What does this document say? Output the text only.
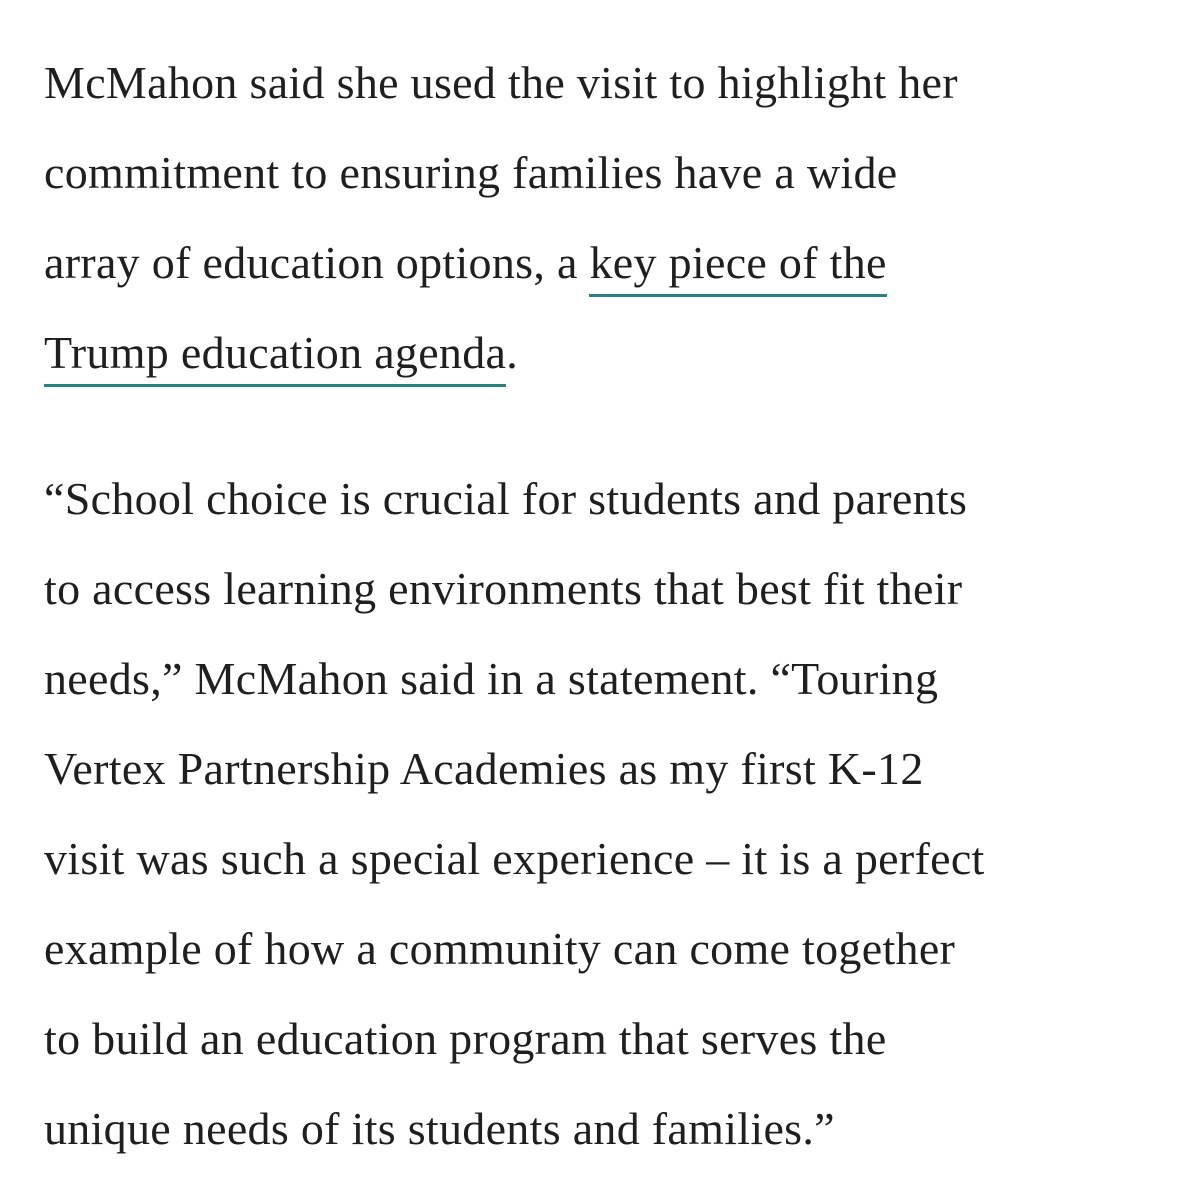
McMahon said she used the visit to highlight her
commitment to ensuring families have a wide
array of education options, a key piece of the
Trump education agenda.

“School choice is crucial for students and parents
to access learning environments that best fit their
needs,” McMahon said in a statement. “Touring
Vertex Partnership Academies as my first K-12
visit was such a special experience – it is a perfect
example of how a community can come together
to build an education program that serves the
unique needs of its students and families.”
